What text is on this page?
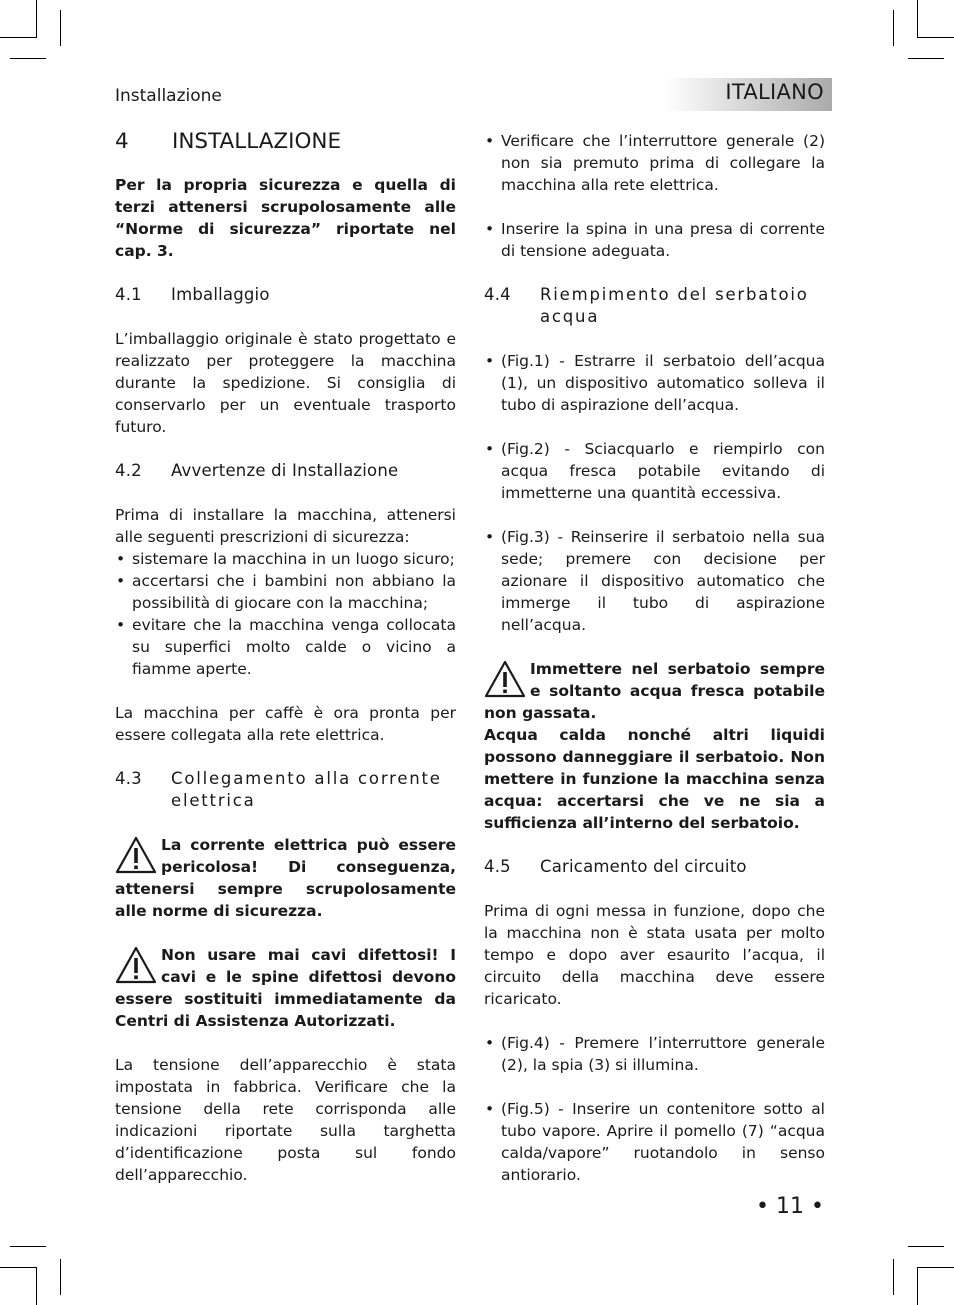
Installazione	ITALIANO
4	INSTALLAZIONE

Per la propria sicurezza e quella di terzi attenersi scrupolosamente alle “Norme di sicurezza” riportate nel cap. 3.

4.1	Imballaggio

L’imballaggio originale è stato progettato e realizzato per proteggere la macchina durante la spedizione. Si consiglia di conservarlo per un eventuale trasporto futuro.

4.2	Avvertenze di Installazione

Prima di installare la macchina, attenersi alle seguenti prescrizioni di sicurezza:

• sistemare la macchina in un luogo sicuro;
• accertarsi che i bambini non abbiano la possibilità di giocare con la macchina;
• evitare che la macchina venga collocata su superfici molto calde o vicino a fiamme aperte.

La macchina per caffè è ora pronta per essere collegata alla rete elettrica.

4.3	Collegamento alla corrente elettrica
La corrente elettrica può essere pericolosa! Di conseguenza, attenersi sempre scrupolosamente alle norme di sicurezza.
Non usare mai cavi difettosi! I cavi e le spine difettosi devono essere sostituiti immediatamente da Centri di Assistenza Autorizzati.

La tensione dell’apparecchio è stata impostata in fabbrica. Verificare che la tensione della rete corrisponda alle indicazioni riportate sulla targhetta d’identificazione posta sul fondo dell’apparecchio.

• Verificare che l’interruttore generale (2) non sia premuto prima di collegare la macchina alla rete elettrica.
• Inserire la spina in una presa di corrente di tensione adeguata.
4.4	Riempimento del serbatoio acqua
• (Fig.1) - Estrarre il serbatoio dell’acqua (1), un dispositivo automatico solleva il tubo di aspirazione dell’acqua.
• (Fig.2) - Sciacquarlo e riempirlo con acqua fresca potabile evitando di immetterne una quantità eccessiva.
• (Fig.3) - Reinserire il serbatoio nella sua sede; premere con decisione per azionare il dispositivo automatico che immerge il tubo di aspirazione nell’acqua.
Immettere nel serbatoio sempre e soltanto acqua fresca potabile non gassata.
Acqua calda nonché altri liquidi possono danneggiare il serbatoio. Non mettere in funzione la macchina senza acqua: accertarsi che ve ne sia a sufficienza all’interno del serbatoio.
4.5	Caricamento del circuito

Prima di ogni messa in funzione, dopo che la macchina non è stata usata per molto tempo e dopo aver esaurito l’acqua, il circuito della macchina deve essere ricaricato.

• (Fig.4) - Premere l’interruttore generale (2), la spia (3) si illumina.
• (Fig.5) - Inserire un contenitore sotto al tubo vapore. Aprire il pomello (7) “acqua calda/vapore” ruotandolo in senso antiorario.
• 11 •
